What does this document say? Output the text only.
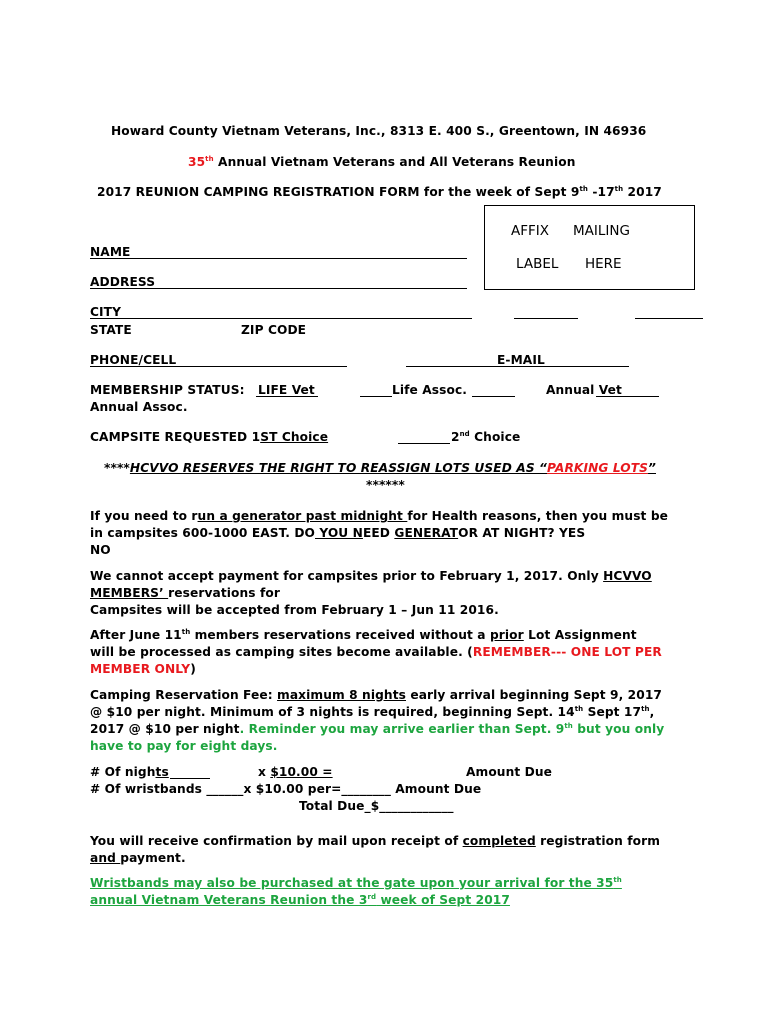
Howard County Vietnam Veterans, Inc., 8313 E. 400 S., Greentown, IN 46936
35th Annual Vietnam Veterans and All Veterans Reunion
2017 REUNION CAMPING REGISTRATION FORM for the week of Sept 9th -17th 2017
AFFIX MAILING
LABEL HERE
NAME
ADDRESS
CITY
STATE	ZIP CODE
PHONE/CELL	E-MAIL
MEMBERSHIP STATUS: LIFE Vet	Life Assoc.	Annual Vet
Annual Assoc.
CAMPSITE REQUESTED 1ST Choice	2nd Choice
****HCVVO RESERVES THE RIGHT TO REASSIGN LOTS USED AS “PARKING LOTS”
******
If you need to run a generator past midnight for Health reasons, then you must be
in campsites 600-1000 EAST. DO YOU NEED GENERATOR AT NIGHT? YES
NO
We cannot accept payment for campsites prior to February 1, 2017. Only HCVVO
MEMBERS’ reservations for
Campsites will be accepted from February 1 – Jun 11 2016.
After June 11th members reservations received without a prior Lot Assignment
will be processed as camping sites become available. (REMEMBER--- ONE LOT PER
MEMBER ONLY)
Camping Reservation Fee: maximum 8 nights early arrival beginning Sept 9, 2017
@ $10 per night. Minimum of 3 nights is required, beginning Sept. 14th Sept 17th,
2017 @ $10 per night. Reminder you may arrive earlier than Sept. 9th but you only
have to pay for eight days.
# Of nights	x $10.00 =	Amount Due
# Of wristbands ______x $10.00 per=________ Amount Due
Total Due_$____________
You will receive confirmation by mail upon receipt of completed registration form
and payment.
Wristbands may also be purchased at the gate upon your arrival for the 35th
annual Vietnam Veterans Reunion the 3rd week of Sept 2017
